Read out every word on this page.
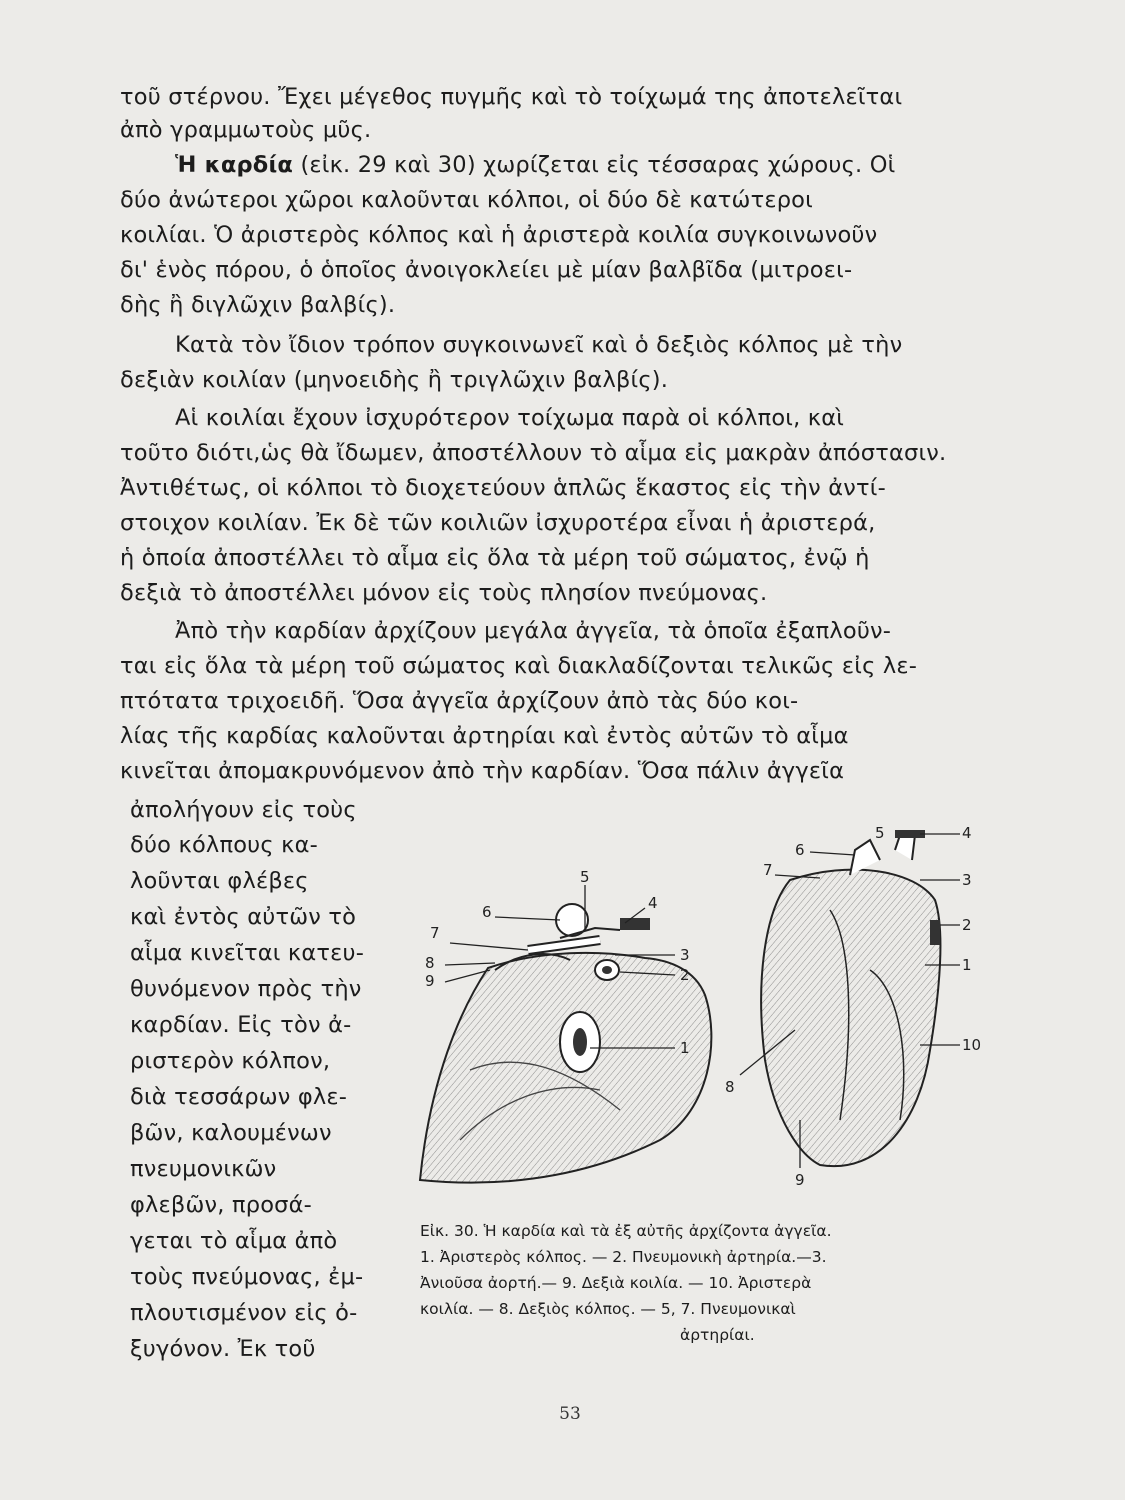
τοῦ στέρνου. Ἔχει μέγεθος πυγμῆς καὶ τὸ τοίχωμά της ἀποτελεῖται
ἀπὸ γραμμωτοὺς μῦς.
Ἡ καρδία (εἰκ. 29 καὶ 30) χωρίζεται εἰς τέσσαρας χώρους. Οἱ
δύο ἀνώτεροι χῶροι καλοῦνται κόλποι, οἱ δύο δὲ κατώτεροι
κοιλίαι. Ὁ ἀριστερὸς κόλπος καὶ ἡ ἀριστερὰ κοιλία συγκοινωνοῦν
δι' ἑνὸς πόρου, ὁ ὁποῖος ἀνοιγοκλείει μὲ μίαν βαλβῖδα (μιτροει-
δὴς ἢ διγλῶχιν βαλβίς).
Κατὰ τὸν ἴδιον τρόπον συγκοινωνεῖ καὶ ὁ δεξιὸς κόλπος μὲ τὴν
δεξιὰν κοιλίαν (μηνοειδὴς ἢ τριγλῶχιν βαλβίς).
Αἱ κοιλίαι ἔχουν ἰσχυρότερον τοίχωμα παρὰ οἱ κόλποι, καὶ
τοῦτο διότι,ὡς θὰ ἴδωμεν, ἀποστέλλουν τὸ αἷμα εἰς μακρὰν ἀπόστασιν.
Ἀντιθέτως, οἱ κόλποι τὸ διοχετεύουν ἁπλῶς ἕκαστος εἰς τὴν ἀντί-
στοιχον κοιλίαν. Ἐκ δὲ τῶν κοιλιῶν ἰσχυροτέρα εἶναι ἡ ἀριστερά,
ἡ ὁποία ἀποστέλλει τὸ αἷμα εἰς ὅλα τὰ μέρη τοῦ σώματος, ἐνῷ ἡ
δεξιὰ τὸ ἀποστέλλει μόνον εἰς τοὺς πλησίον πνεύμονας.
Ἀπὸ τὴν καρδίαν ἀρχίζουν μεγάλα ἀγγεῖα, τὰ ὁποῖα ἐξαπλοῦν-
ται εἰς ὅλα τὰ μέρη τοῦ σώματος καὶ διακλαδίζονται τελικῶς εἰς λε-
πτότατα τριχοειδῆ. Ὅσα ἀγγεῖα ἀρχίζουν ἀπὸ τὰς δύο κοι-
λίας τῆς καρδίας καλοῦνται ἀρτηρίαι καὶ ἐντὸς αὐτῶν τὸ αἷμα
κινεῖται ἀπομακρυνόμενον ἀπὸ τὴν καρδίαν. Ὅσα πάλιν ἀγγεῖα
ἀπολήγουν εἰς τοὺς
δύο κόλπους κα-
λοῦνται φλέβες
καὶ ἐντὸς αὐτῶν τὸ
αἷμα κινεῖται κατευ-
θυνόμενον πρὸς τὴν
καρδίαν. Εἰς τὸν ἀ-
ριστερὸν κόλπον,
διὰ τεσσάρων φλε-
βῶν, καλουμένων
πνευμονικῶν
φλεβῶν, προσά-
γεται τὸ αἷμα ἀπὸ
τοὺς πνεύμονας, ἐμ-
πλουτισμένον εἰς ὀ-
ξυγόνον. Ἐκ τοῦ
5
4
6
7
3
8
2
9
1
5	4
6
7
3
2
1
10
8
9
Εἰκ. 30. Ἡ καρδία καὶ τὰ ἐξ αὐτῆς ἀρχίζοντα ἀγγεῖα.
1. Ἀριστερὸς κόλπος. — 2. Πνευμονικὴ ἀρτηρία.—3.
Ἀνιοῦσα ἀορτή.— 9. Δεξιὰ κοιλία. — 10. Ἀριστερὰ
κοιλία. — 8. Δεξιὸς κόλπος. — 5, 7. Πνευμονικαὶ
ἀρτηρίαι.
53
